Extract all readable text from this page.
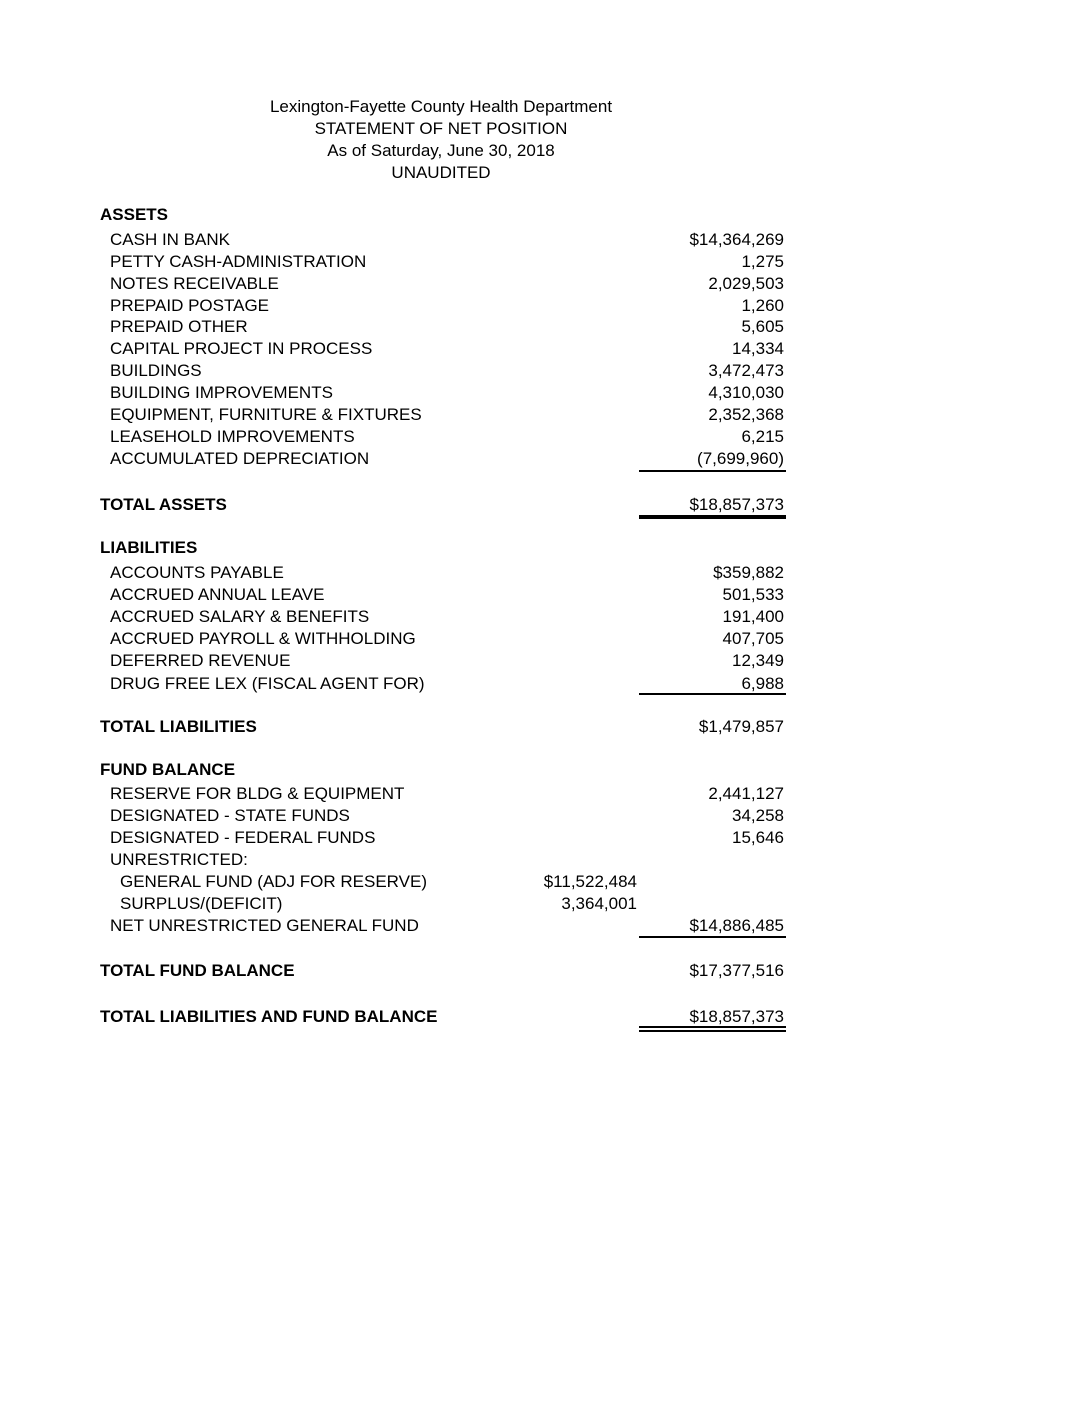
Lexington-Fayette County Health Department
STATEMENT OF NET POSITION
As of Saturday, June 30, 2018
UNAUDITED
ASSETS
CASH IN BANK	$14,364,269
PETTY CASH-ADMINISTRATION	1,275
NOTES RECEIVABLE	2,029,503
PREPAID POSTAGE	1,260
PREPAID OTHER	5,605
CAPITAL PROJECT IN PROCESS	14,334
BUILDINGS	3,472,473
BUILDING IMPROVEMENTS	4,310,030
EQUIPMENT, FURNITURE & FIXTURES	2,352,368
LEASEHOLD IMPROVEMENTS	6,215
ACCUMULATED DEPRECIATION	(7,699,960)
TOTAL ASSETS	$18,857,373
LIABILITIES
ACCOUNTS PAYABLE	$359,882
ACCRUED ANNUAL LEAVE	501,533
ACCRUED SALARY & BENEFITS	191,400
ACCRUED PAYROLL & WITHHOLDING	407,705
DEFERRED REVENUE	12,349
DRUG FREE LEX (FISCAL AGENT FOR)	6,988
TOTAL LIABILITIES	$1,479,857
FUND BALANCE
RESERVE FOR BLDG & EQUIPMENT	2,441,127
DESIGNATED - STATE FUNDS	34,258
DESIGNATED - FEDERAL FUNDS	15,646
UNRESTRICTED:
GENERAL FUND (ADJ FOR RESERVE)	$11,522,484
SURPLUS/(DEFICIT)	3,364,001
NET UNRESTRICTED GENERAL FUND	$14,886,485
TOTAL FUND BALANCE	$17,377,516
TOTAL LIABILITIES AND FUND BALANCE	$18,857,373
